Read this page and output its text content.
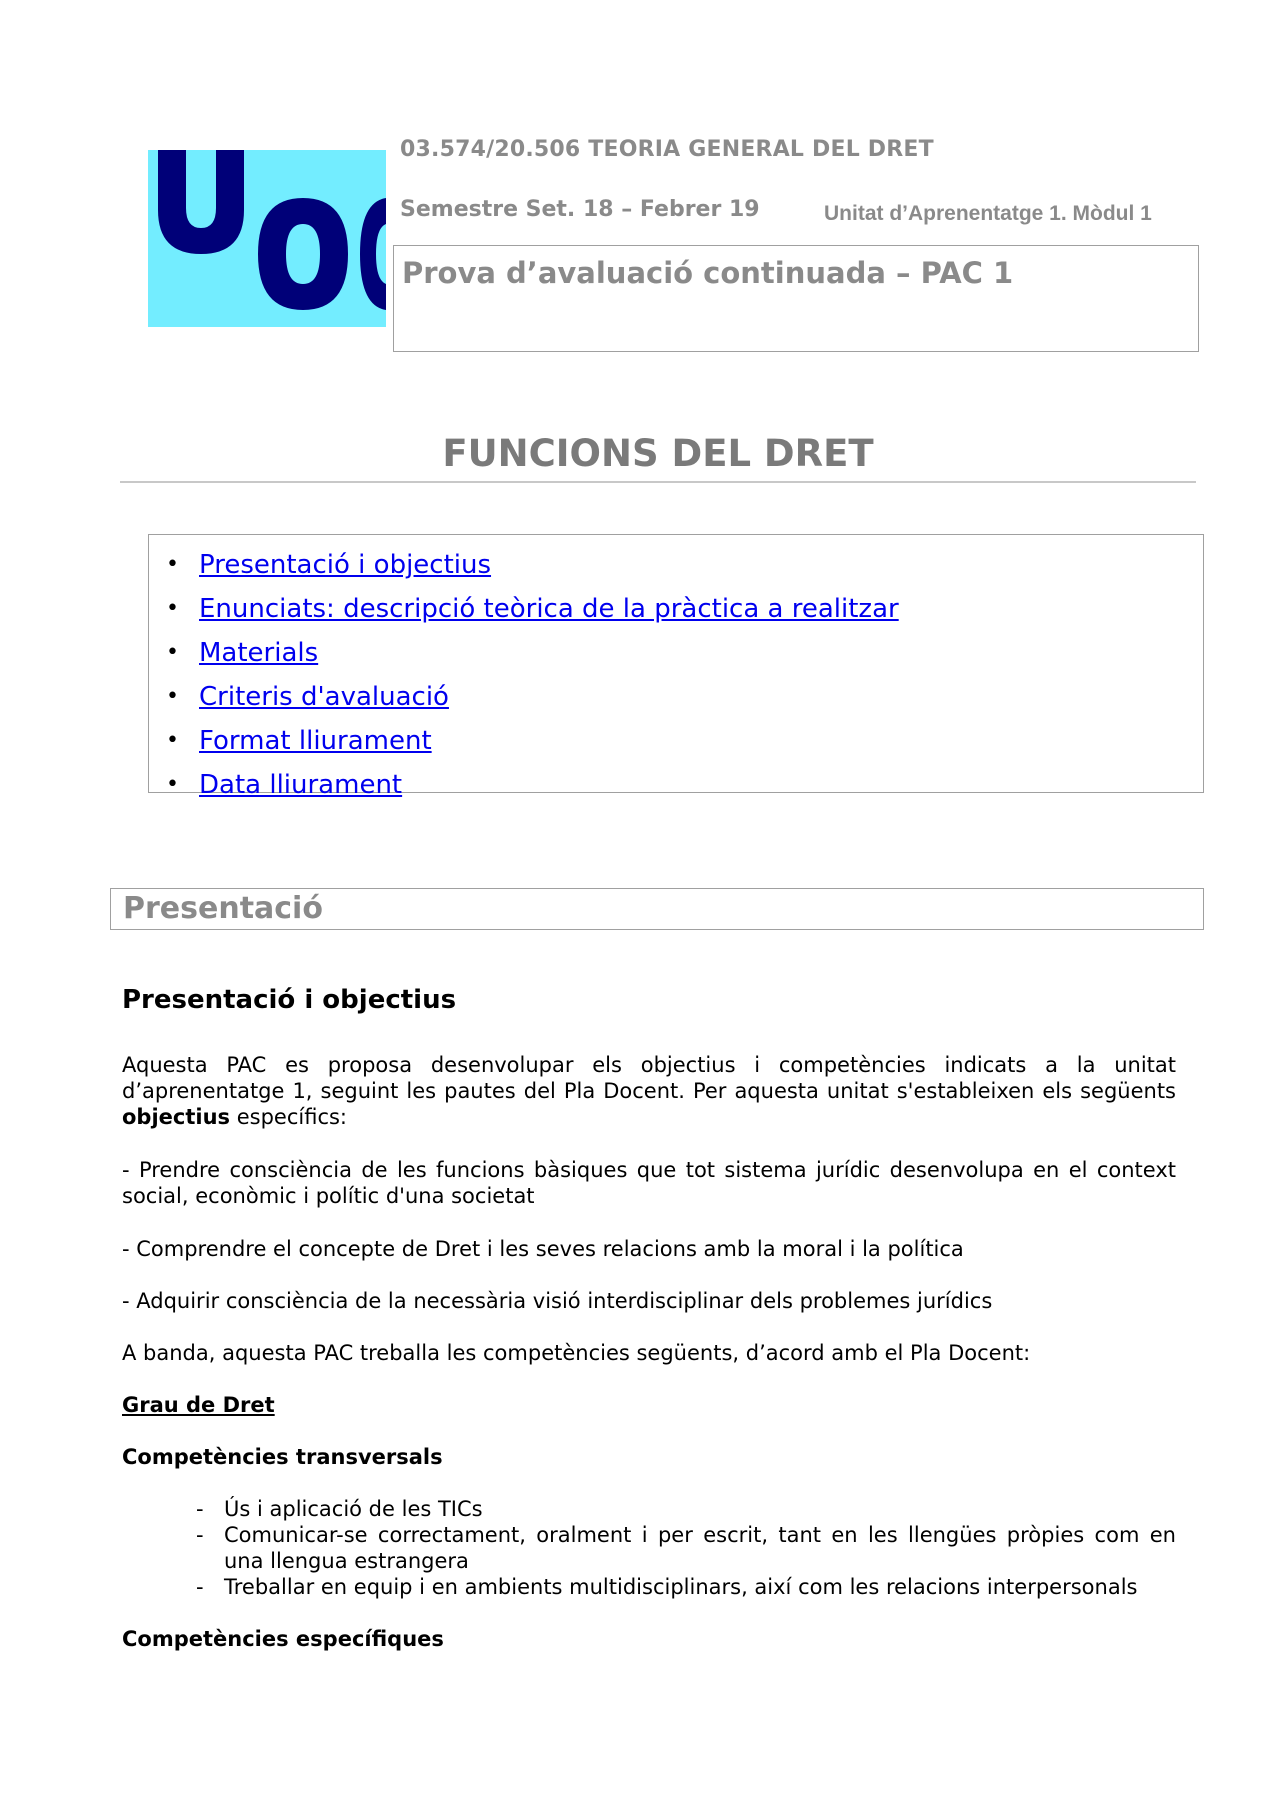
03.574/20.506 TEORIA GENERAL DEL DRET
Semestre Set. 18 – Febrer 19	Unitat d’Aprenentatge 1. Mòdul 1
Prova d’avaluació continuada – PAC 1
FUNCIONS DEL DRET
• Presentació i objectius
• Enunciats: descripció teòrica de la pràctica a realitzar
• Materials
• Criteris d'avaluació
• Format lliurament
• Data lliurament
Presentació
Presentació i objectius

Aquesta PAC es proposa desenvolupar els objectius i competències indicats a la unitat
d’aprenentatge 1, seguint les pautes del Pla Docent. Per aquesta unitat s'estableixen els següents
objectius específics:

- Prendre consciència de les funcions bàsiques que tot sistema jurídic desenvolupa en el context
social, econòmic i polític d'una societat

- Comprendre el concepte de Dret i les seves relacions amb la moral i la política

- Adquirir consciència de la necessària visió interdisciplinar dels problemes jurídics

A banda, aquesta PAC treballa les competències següents, d’acord amb el Pla Docent:

Grau de Dret

Competències transversals

- Ús i aplicació de les TICs
- Comunicar-se correctament, oralment i per escrit, tant en les llengües pròpies com en una llengua estrangera
- Treballar en equip i en ambients multidisciplinars, així com les relacions interpersonals

Competències específiques
